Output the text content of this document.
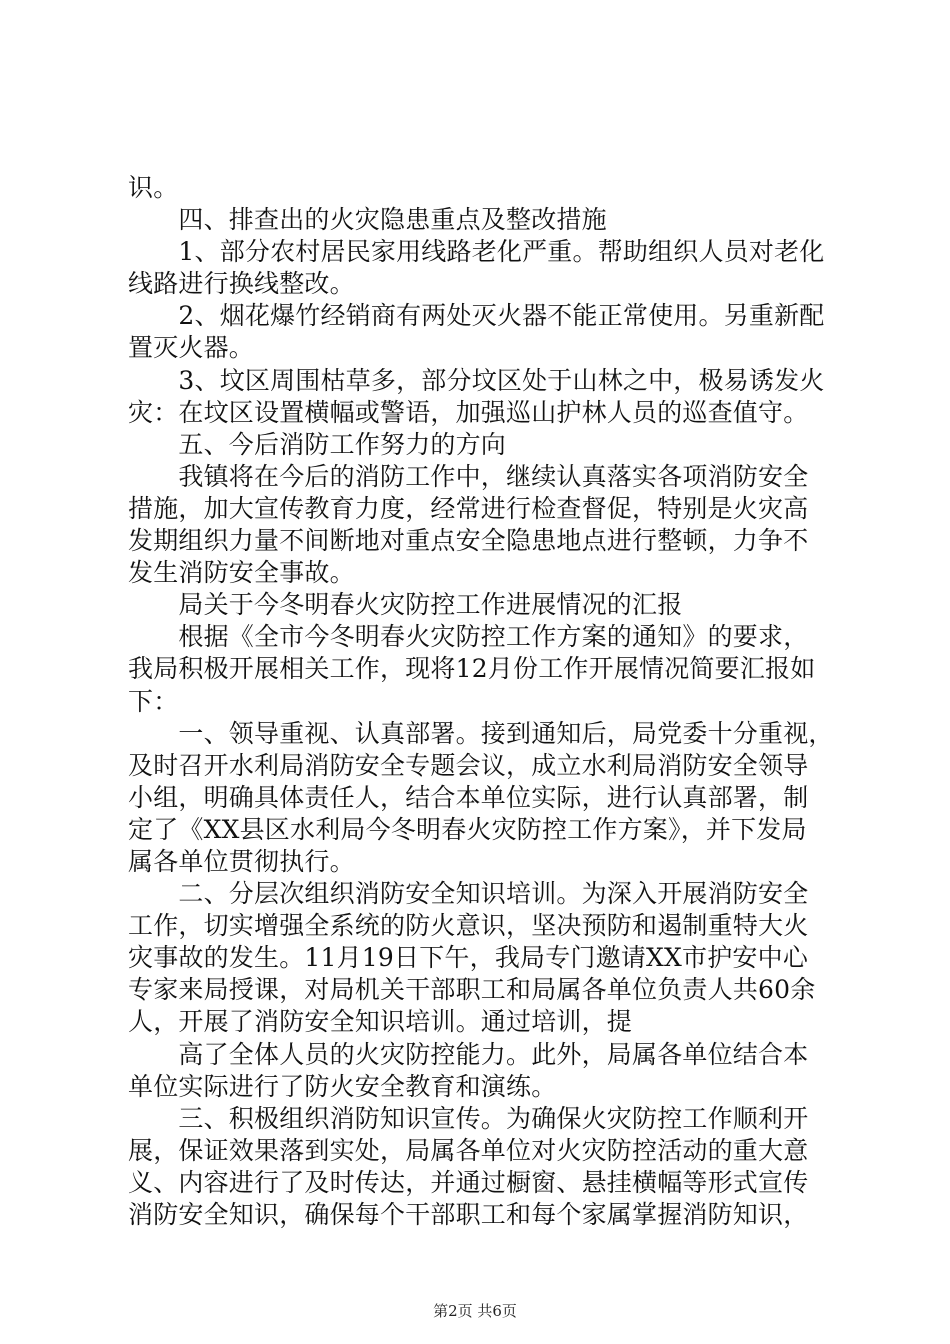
识。
　　四、排查出的火灾隐患重点及整改措施
　　1、部分农村居民家用线路老化严重。帮助组织人员对老化
线路进行换线整改。
　　2、烟花爆竹经销商有两处灭火器不能正常使用。另重新配
置灭火器。
　　3、坟区周围枯草多，部分坟区处于山林之中，极易诱发火
灾：在坟区设置横幅或警语，加强巡山护林人员的巡查值守。
　　五、今后消防工作努力的方向
　　我镇将在今后的消防工作中，继续认真落实各项消防安全
措施，加大宣传教育力度，经常进行检查督促，特别是火灾高
发期组织力量不间断地对重点安全隐患地点进行整顿，力争不
发生消防安全事故。
　　局关于今冬明春火灾防控工作进展情况的汇报
　　根据《全市今冬明春火灾防控工作方案的通知》的要求，
我局积极开展相关工作，现将12月份工作开展情况简要汇报如
下：
　　一、领导重视、认真部署。接到通知后，局党委十分重视，
及时召开水利局消防安全专题会议，成立水利局消防安全领导
小组，明确具体责任人，结合本单位实际，进行认真部署，制
定了《XX县区水利局今冬明春火灾防控工作方案》，并下发局
属各单位贯彻执行。
　　二、分层次组织消防安全知识培训。为深入开展消防安全
工作，切实增强全系统的防火意识，坚决预防和遏制重特大火
灾事故的发生。11月19日下午，我局专门邀请XX市护安中心
专家来局授课，对局机关干部职工和局属各单位负责人共60余
人，开展了消防安全知识培训。通过培训，提
　　高了全体人员的火灾防控能力。此外，局属各单位结合本
单位实际进行了防火安全教育和演练。
　　三、积极组织消防知识宣传。为确保火灾防控工作顺利开
展，保证效果落到实处，局属各单位对火灾防控活动的重大意
义、内容进行了及时传达，并通过橱窗、悬挂横幅等形式宣传
消防安全知识，确保每个干部职工和每个家属掌握消防知识，
第2页 共6页
